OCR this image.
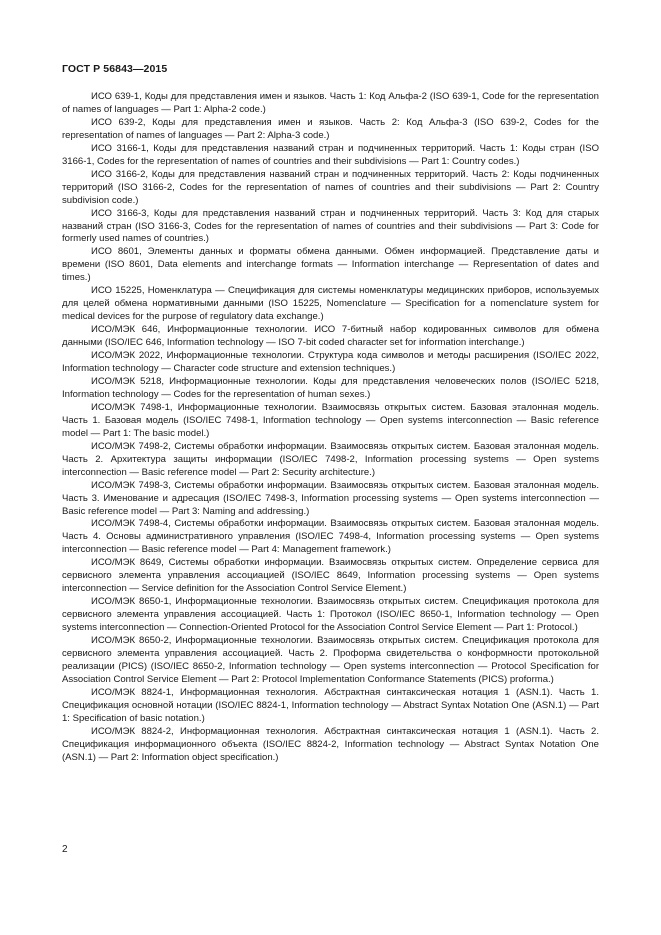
ГОСТ Р 56843—2015

ИСО 639-1, Коды для представления имен и языков. Часть 1: Код Альфа-2 (ISO 639-1, Code for the representation of names of languages — Part 1: Alpha-2 code.)

ИСО 639-2, Коды для представления имен и языков. Часть 2: Код Альфа-3 (ISO 639-2, Codes for the representation of names of languages — Part 2: Alpha-3 code.)

ИСО 3166-1, Коды для представления названий стран и подчиненных территорий. Часть 1: Коды стран (ISO 3166-1, Codes for the representation of names of countries and their subdivisions — Part 1: Country codes.)

ИСО 3166-2, Коды для представления названий стран и подчиненных территорий. Часть 2: Коды подчиненных территорий (ISO 3166-2, Codes for the representation of names of countries and their subdivisions — Part 2: Country subdivision code.)

ИСО 3166-3, Коды для представления названий стран и подчиненных территорий. Часть 3: Код для старых названий стран (ISO 3166-3, Codes for the representation of names of countries and their subdivisions — Part 3: Code for formerly used names of countries.)

ИСО 8601, Элементы данных и форматы обмена данными. Обмен информацией. Представление даты и времени (ISO 8601, Data elements and interchange formats — Information interchange — Representation of dates and times.)

ИСО 15225, Номенклатура — Спецификация для системы номенклатуры медицинских приборов, используемых для целей обмена нормативными данными (ISO 15225, Nomenclature — Specification for a nomenclature system for medical devices for the purpose of regulatory data exchange.)

ИСО/МЭК 646, Информационные технологии. ИСО 7-битный набор кодированных символов для обмена данными (ISO/IEC 646, Information technology — ISO 7-bit coded character set for information interchange.)

ИСО/МЭК 2022, Информационные технологии. Структура кода символов и методы расширения (ISO/IEC 2022, Information technology — Character code structure and extension techniques.)

ИСО/МЭК 5218, Информационные технологии. Коды для представления человеческих полов (ISO/IEC 5218, Information technology — Codes for the representation of human sexes.)

ИСО/МЭК 7498-1, Информационные технологии. Взаимосвязь открытых систем. Базовая эталонная модель. Часть 1. Базовая модель (ISO/IEC 7498-1, Information technology — Open systems interconnection — Basic reference model — Part 1: The basic model.)

ИСО/МЭК 7498-2, Системы обработки информации. Взаимосвязь открытых систем. Базовая эталонная модель. Часть 2. Архитектура защиты информации (ISO/IEC 7498-2, Information processing systems — Open systems interconnection — Basic reference model — Part 2: Security architecture.)

ИСО/МЭК 7498-3, Системы обработки информации. Взаимосвязь открытых систем. Базовая эталонная модель. Часть 3. Именование и адресация (ISO/IEC 7498-3, Information processing systems — Open systems interconnection — Basic reference model — Part 3: Naming and addressing.)

ИСО/МЭК 7498-4, Системы обработки информации. Взаимосвязь открытых систем. Базовая эталонная модель. Часть 4. Основы административного управления (ISO/IEC 7498-4, Information processing systems — Open systems interconnection — Basic reference model — Part 4: Management framework.)

ИСО/МЭК 8649, Системы обработки информации. Взаимосвязь открытых систем. Определение сервиса для сервисного элемента управления ассоциацией (ISO/IEC 8649, Information processing systems — Open systems interconnection — Service definition for the Association Control Service Element.)

ИСО/МЭК 8650-1, Информационные технологии. Взаимосвязь открытых систем. Спецификация протокола для сервисного элемента управления ассоциацией. Часть 1: Протокол (ISO/IEC 8650-1, Information technology — Open systems interconnection — Connection-Oriented Protocol for the Association Control Service Element — Part 1: Protocol.)

ИСО/МЭК 8650-2, Информационные технологии. Взаимосвязь открытых систем. Спецификация протокола для сервисного элемента управления ассоциацией. Часть 2. Проформа свидетельства о конформности протокольной реализации (PICS) (ISO/IEC 8650-2, Information technology — Open systems interconnection — Protocol Specification for Association Control Service Element — Part 2: Protocol Implementation Conformance Statements (PICS) proforma.)

ИСО/МЭК 8824-1, Информационная технология. Абстрактная синтаксическая нотация 1 (ASN.1). Часть 1. Спецификация основной нотации (ISO/IEC 8824-1, Information technology — Abstract Syntax Notation One (ASN.1) — Part 1: Specification of basic notation.)

ИСО/МЭК 8824-2, Информационная технология. Абстрактная синтаксическая нотация 1 (ASN.1). Часть 2. Спецификация информационного объекта (ISO/IEC 8824-2, Information technology — Abstract Syntax Notation One (ASN.1) — Part 2: Information object specification.)

2
